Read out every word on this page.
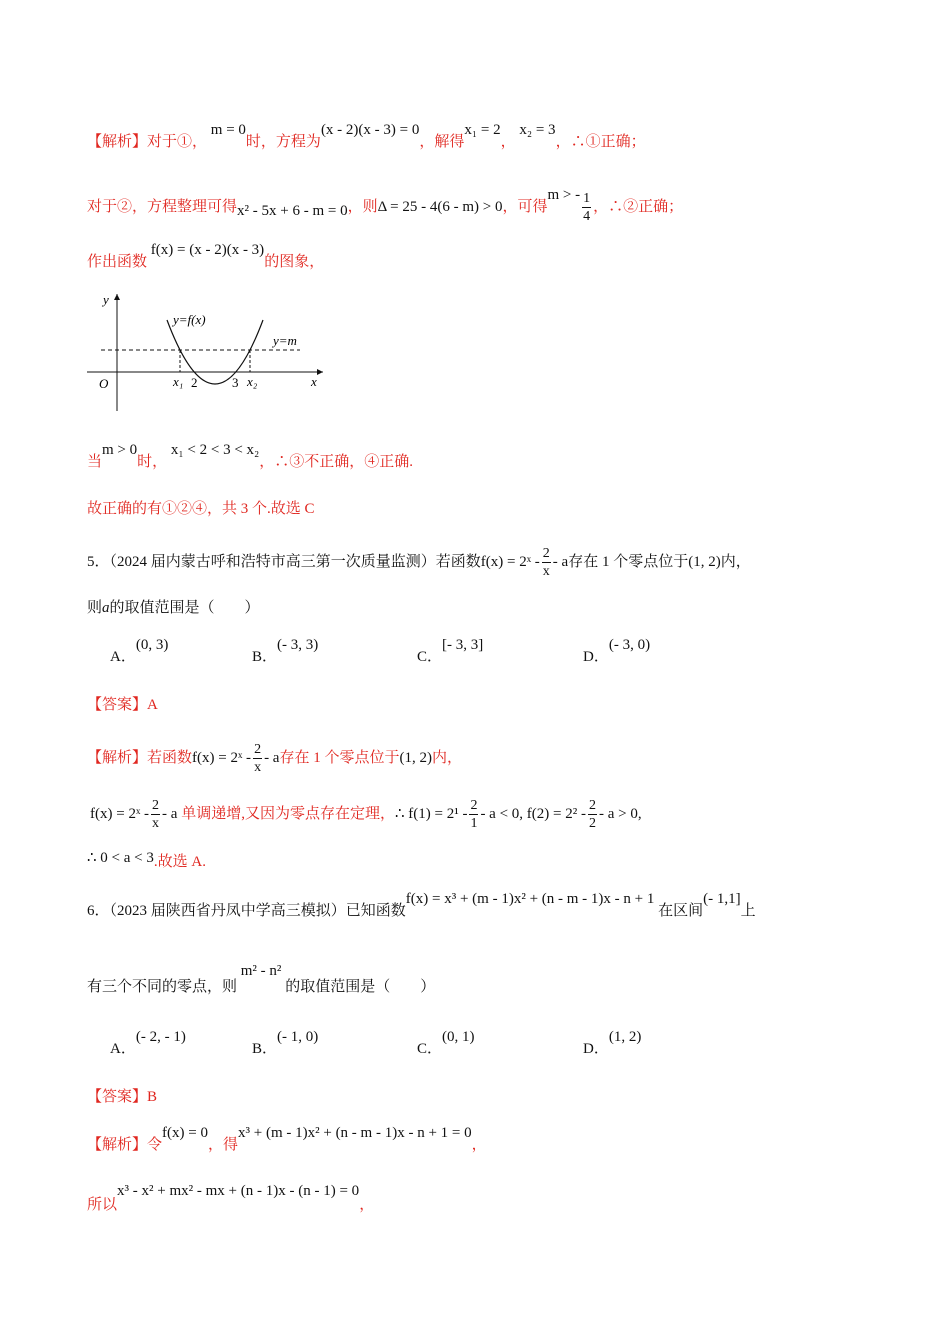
【解析】对于①， m = 0时，方程为(x - 2)(x - 3) = 0，解得x₁ = 2， x₂ = 3，∴①正确；
对于②，方程整理可得x² - 5x + 6 - m = 0，则Δ = 25 - 4(6 - m) > 0，可得m > - $\frac{1}{4}$ ，∴②正确；
作出函数 f(x) = (x - 2)(x - 3)的图象，
y
x
O
y=f(x)
y=m
x₁ 2	3 x₂
当m > 0时， x₁ < 2 < 3 < x₂，∴③不正确，④正确.
故正确的有①②④，共 3 个.故选 C
5．（2024 届内蒙古呼和浩特市高三第一次质量监测）若函数f(x) = 2ˣ - $\frac{2}{x}$ - a存在 1 个零点位于(1, 2)内，
则a的取值范围是（　　）
A．(0, 3)
B．(- 3, 3)
C．[- 3, 3]
D．(- 3, 0)
【答案】A
【解析】若函数f(x) = 2ˣ - $\frac{2}{x}$ - a存在 1 个零点位于(1, 2)内，
f(x) = 2ˣ - $\frac{2}{x}$ - a 单调递增,又因为零点存在定理，∴ $f(1) = 2^1 - \frac{2}{1} - a < 0$, $f(2) = 2^2 - \frac{2}{2} - a > 0$,
∴ 0 < a < 3.故选 A.
6．（2023 届陕西省丹凤中学高三模拟）已知函数f(x) = x³ + (m - 1)x² + (n - m - 1)x - n + 1 在区间(- 1,1]上
有三个不同的零点，则 m² - n² 的取值范围是（　　）
A．(- 2, - 1)
B．(- 1, 0)
C．(0, 1)
D．(1, 2)
【答案】B
【解析】令f(x) = 0，得x³ + (m - 1)x² + (n - m - 1)x - n + 1 = 0，
所以x³ - x² + mx² - mx + (n - 1)x - (n - 1) = 0，
